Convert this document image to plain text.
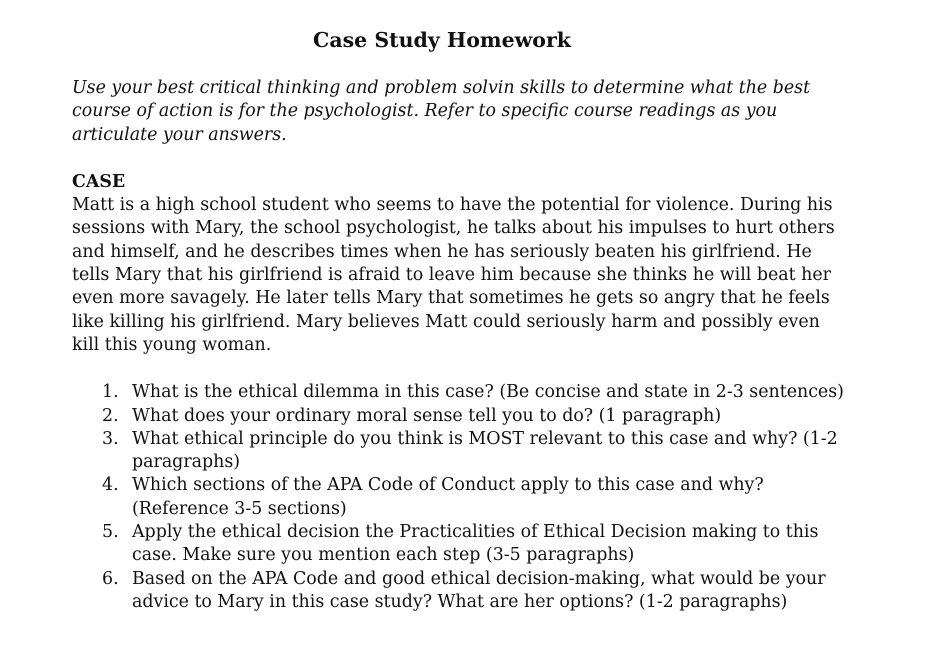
Case Study Homework

Use your best critical thinking and problem solvin skills to determine what the best course of action is for the psychologist. Refer to specific course readings as you articulate your answers.

CASE

Matt is a high school student who seems to have the potential for violence. During his sessions with Mary, the school psychologist, he talks about his impulses to hurt others and himself, and he describes times when he has seriously beaten his girlfriend. He tells Mary that his girlfriend is afraid to leave him because she thinks he will beat her even more savagely. He later tells Mary that sometimes he gets so angry that he feels like killing his girlfriend. Mary believes Matt could seriously harm and possibly even kill this young woman.

1. What is the ethical dilemma in this case? (Be concise and state in 2-3 sentences)
2. What does your ordinary moral sense tell you to do? (1 paragraph)
3. What ethical principle do you think is MOST relevant to this case and why? (1-2 paragraphs)
4. Which sections of the APA Code of Conduct apply to this case and why? (Reference 3-5 sections)
5. Apply the ethical decision the Practicalities of Ethical Decision making to this case. Make sure you mention each step (3-5 paragraphs)
6. Based on the APA Code and good ethical decision-making, what would be your advice to Mary in this case study? What are her options? (1-2 paragraphs)
